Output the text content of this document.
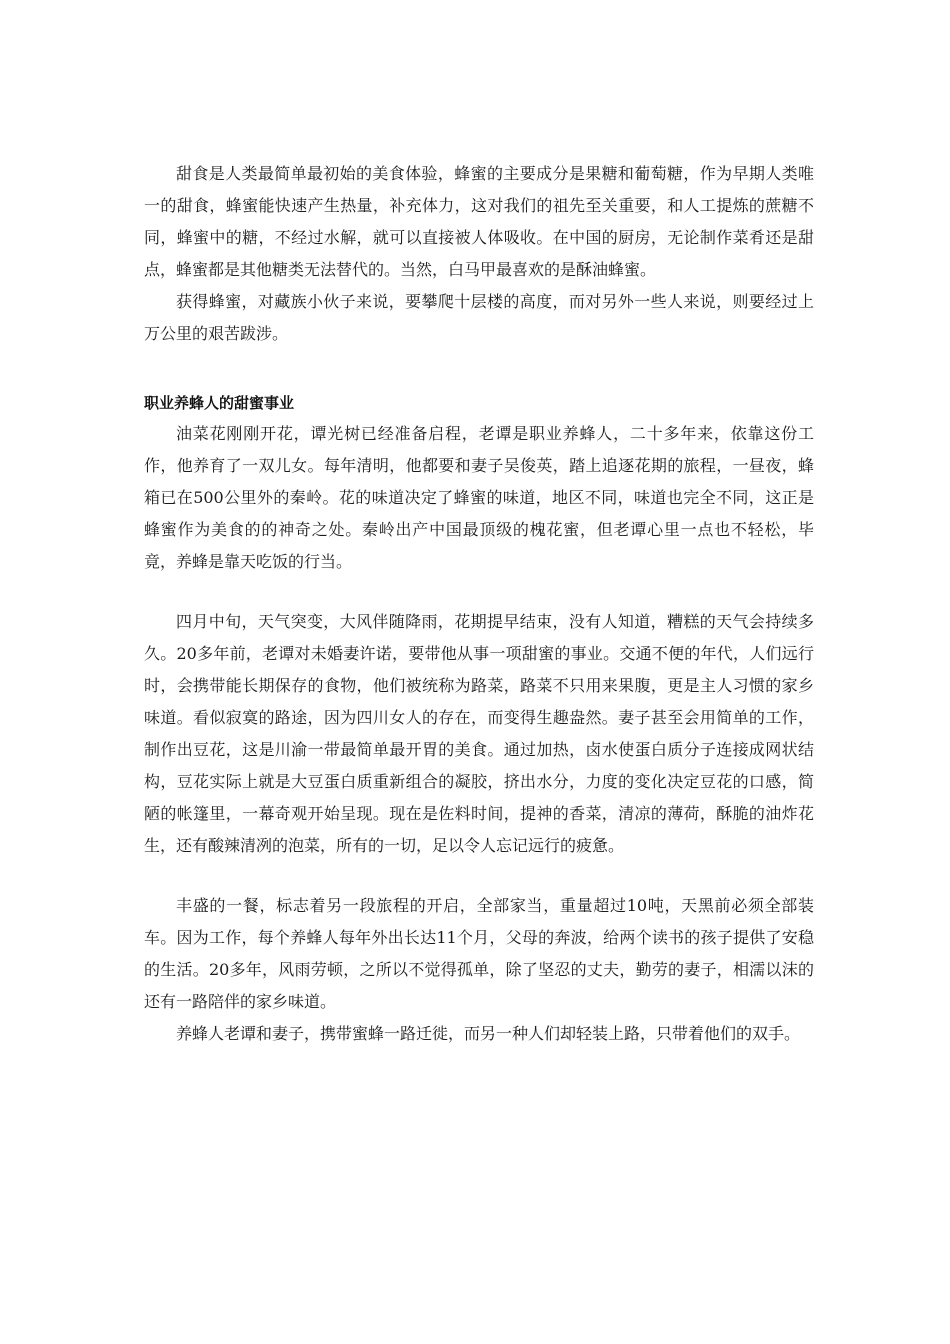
甜食是人类最简单最初始的美食体验，蜂蜜的主要成分是果糖和葡萄糖，作为早期人类唯一的甜食，蜂蜜能快速产生热量，补充体力，这对我们的祖先至关重要，和人工提炼的蔗糖不同，蜂蜜中的糖，不经过水解，就可以直接被人体吸收。在中国的厨房，无论制作菜肴还是甜点，蜂蜜都是其他糖类无法替代的。当然，白马甲最喜欢的是酥油蜂蜜。

获得蜂蜜，对藏族小伙子来说，要攀爬十层楼的高度，而对另外一些人来说，则要经过上万公里的艰苦跋涉。

职业养蜂人的甜蜜事业

油菜花刚刚开花，谭光树已经准备启程，老谭是职业养蜂人，二十多年来，依靠这份工作，他养育了一双儿女。每年清明，他都要和妻子吴俊英，踏上追逐花期的旅程，一昼夜，蜂箱已在500公里外的秦岭。花的味道决定了蜂蜜的味道，地区不同，味道也完全不同，这正是蜂蜜作为美食的的神奇之处。秦岭出产中国最顶级的槐花蜜，但老谭心里一点也不轻松，毕竟，养蜂是靠天吃饭的行当。

四月中旬，天气突变，大风伴随降雨，花期提早结束，没有人知道，糟糕的天气会持续多久。20多年前，老谭对未婚妻许诺，要带他从事一项甜蜜的事业。交通不便的年代，人们远行时，会携带能长期保存的食物，他们被统称为路菜，路菜不只用来果腹，更是主人习惯的家乡味道。看似寂寞的路途，因为四川女人的存在，而变得生趣盎然。妻子甚至会用简单的工作，制作出豆花，这是川渝一带最简单最开胃的美食。通过加热，卤水使蛋白质分子连接成网状结构，豆花实际上就是大豆蛋白质重新组合的凝胶，挤出水分，力度的变化决定豆花的口感，简陋的帐篷里，一幕奇观开始呈现。现在是佐料时间，提神的香菜，清凉的薄荷，酥脆的油炸花生，还有酸辣清冽的泡菜，所有的一切，足以令人忘记远行的疲惫。

丰盛的一餐，标志着另一段旅程的开启，全部家当，重量超过10吨，天黑前必须全部装车。因为工作，每个养蜂人每年外出长达11个月，父母的奔波，给两个读书的孩子提供了安稳的生活。20多年，风雨劳顿，之所以不觉得孤单，除了坚忍的丈夫，勤劳的妻子，相濡以沫的还有一路陪伴的家乡味道。

养蜂人老谭和妻子，携带蜜蜂一路迁徙，而另一种人们却轻装上路，只带着他们的双手。
